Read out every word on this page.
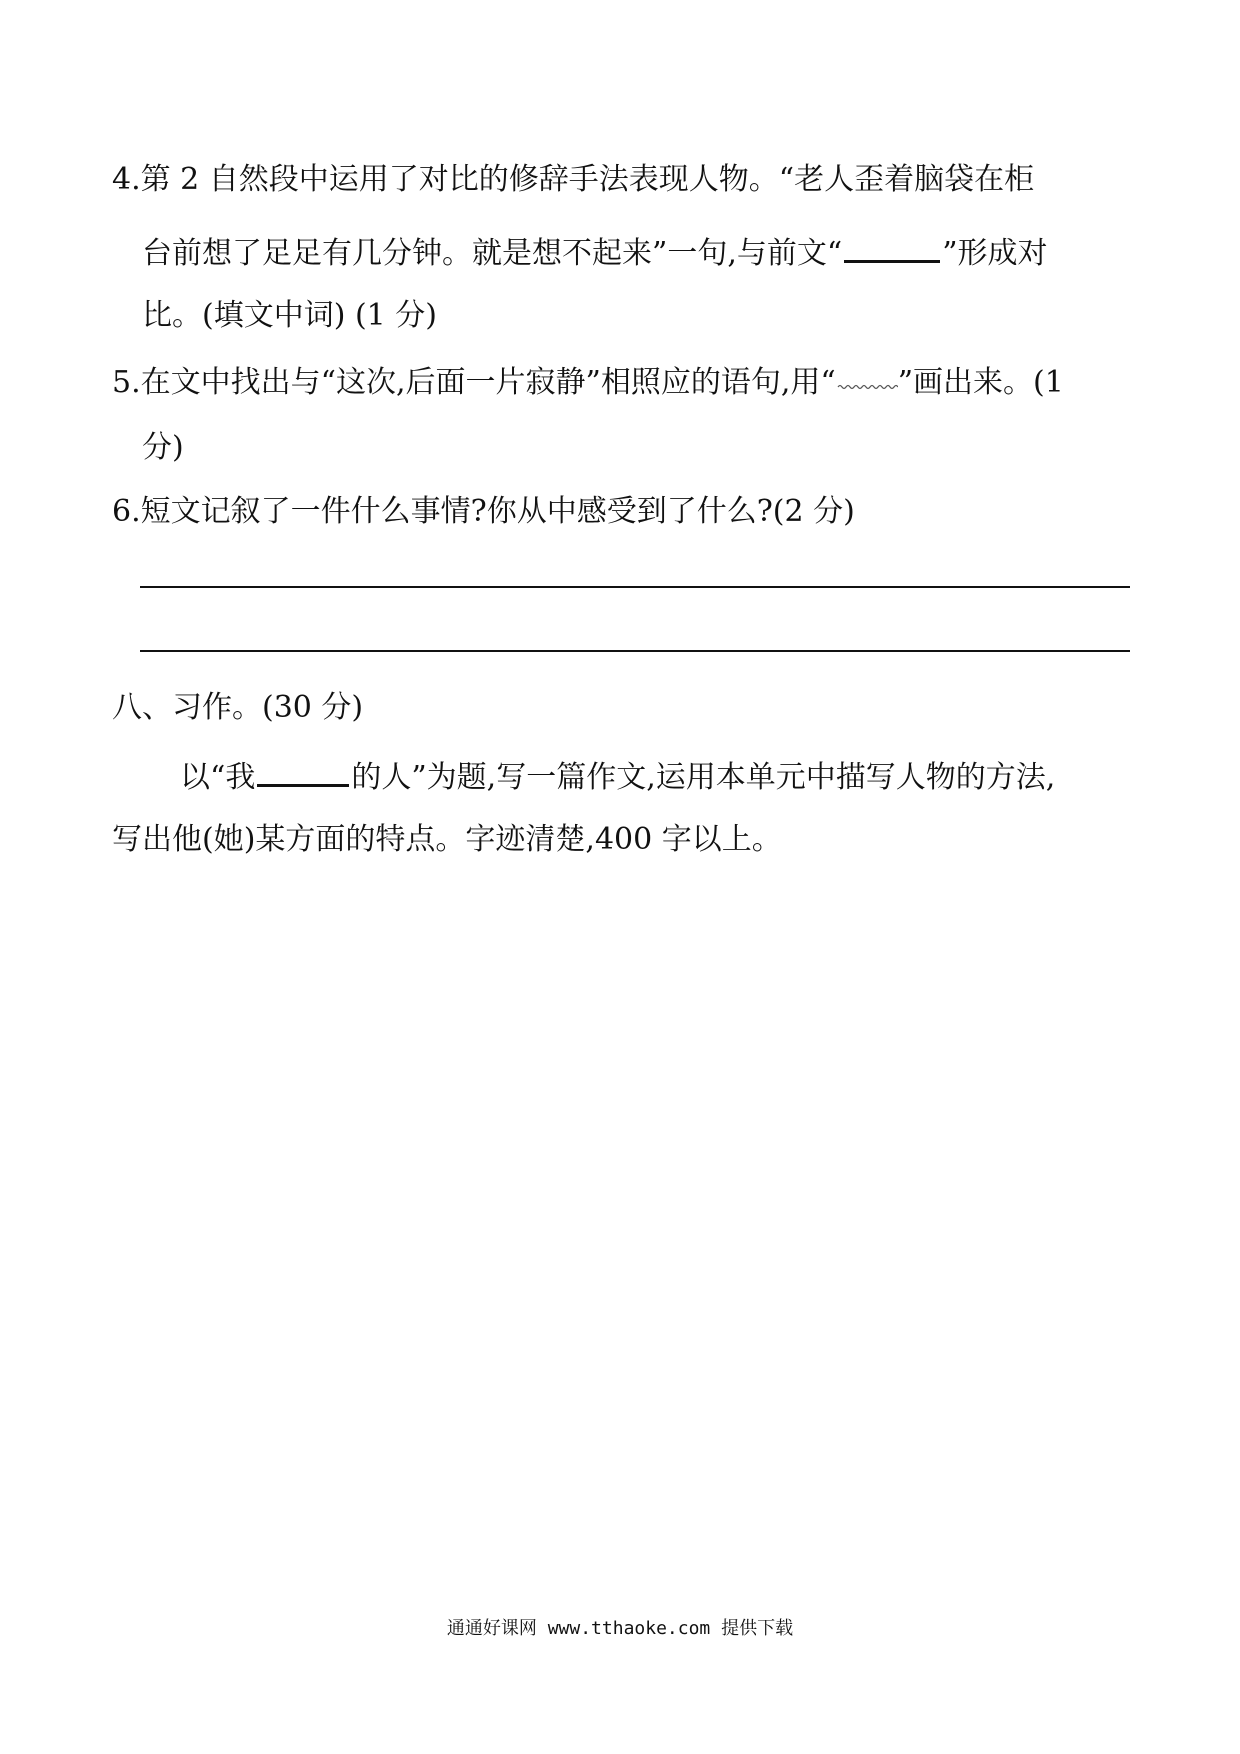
4.第 2 自然段中运用了对比的修辞手法表现人物。“老人歪着脑袋在柜
台前想了足足有几分钟。就是想不起来”一句,与前文“	”形成对
比。(填文中词) (1 分)
5.在文中找出与“这次,后面一片寂静”相照应的语句,用“ ”画出来。(1
分)
6.短文记叙了一件什么事情?你从中感受到了什么?(2 分)
八、习作。(30 分)
以“我	的人”为题,写一篇作文,运用本单元中描写人物的方法,
写出他(她)某方面的特点。字迹清楚,400 字以上。
通通好课网 www.tthaoke.com 提供下载
